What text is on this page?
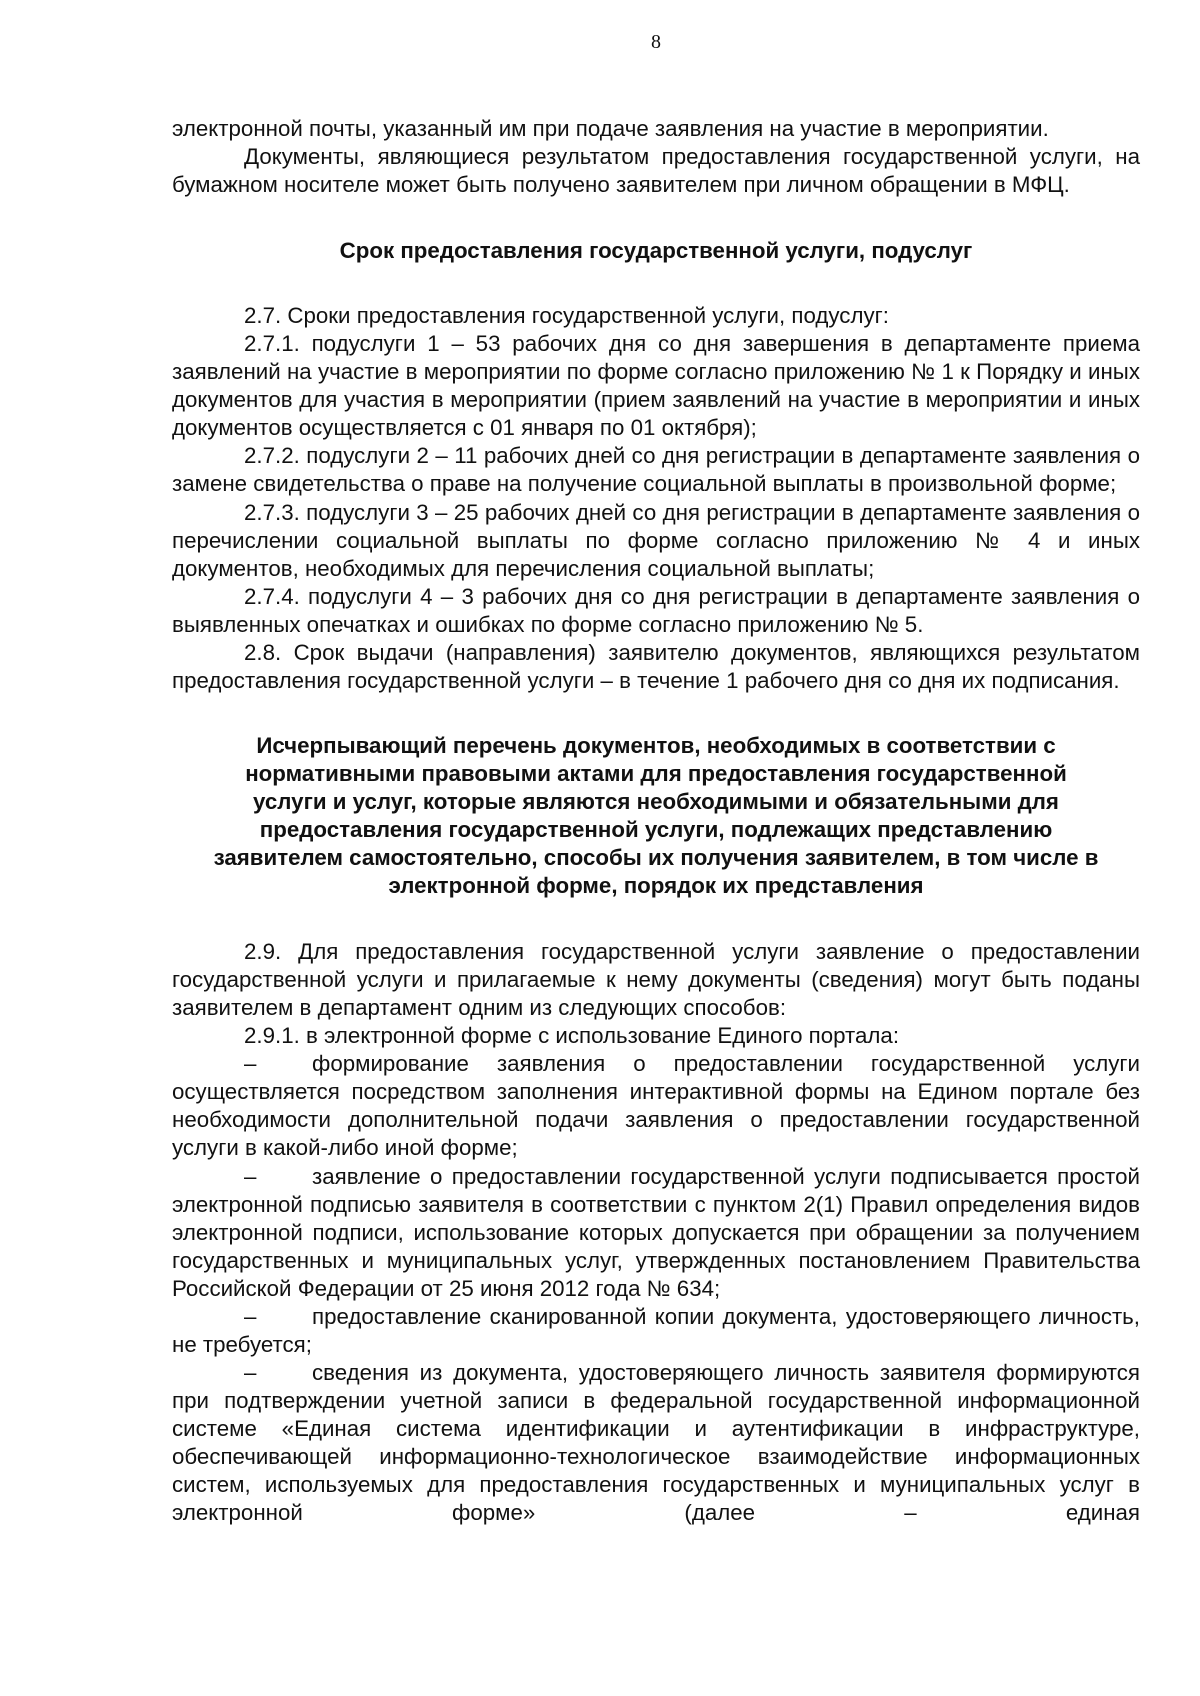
8

электронной почты, указанный им при подаче заявления на участие в мероприятии.

Документы, являющиеся результатом предоставления государственной услуги, на бумажном носителе может быть получено заявителем при личном обращении в МФЦ.

Срок предоставления государственной услуги, подуслуг

2.7. Сроки предоставления государственной услуги, подуслуг:

2.7.1. подуслуги 1 – 53 рабочих дня со дня завершения в департаменте приема заявлений на участие в мероприятии по форме согласно приложению № 1 к Порядку и иных документов для участия в мероприятии (прием заявлений на участие в мероприятии и иных документов осуществляется с 01 января по 01 октября);

2.7.2. подуслуги 2 – 11 рабочих дней со дня регистрации в департаменте заявления о замене свидетельства о праве на получение социальной выплаты в произвольной форме;

2.7.3. подуслуги 3 – 25 рабочих дней со дня регистрации в департаменте заявления о перечислении социальной выплаты по форме согласно приложению № 4 и иных документов, необходимых для перечисления социальной выплаты;

2.7.4. подуслуги 4 – 3 рабочих дня со дня регистрации в департаменте заявления о выявленных опечатках и ошибках по форме согласно приложению № 5.

2.8. Срок выдачи (направления) заявителю документов, являющихся результатом предоставления государственной услуги – в течение 1 рабочего дня со дня их подписания.

Исчерпывающий перечень документов, необходимых в соответствии с

нормативными правовыми актами для предоставления государственной

услуги и услуг, которые являются необходимыми и обязательными для

предоставления государственной услуги, подлежащих представлению

заявителем самостоятельно, способы их получения заявителем, в том числе в

электронной форме, порядок их представления

2.9. Для предоставления государственной услуги заявление о предоставлении государственной услуги и прилагаемые к нему документы (сведения) могут быть поданы заявителем в департамент одним из следующих способов:

2.9.1. в электронной форме с использование Единого портала:

– формирование заявления о предоставлении государственной услуги осуществляется посредством заполнения интерактивной формы на Едином портале без необходимости дополнительной подачи заявления о предоставлении государственной услуги в какой-либо иной форме;

– заявление о предоставлении государственной услуги подписывается простой электронной подписью заявителя в соответствии с пунктом 2(1) Правил определения видов электронной подписи, использование которых допускается при обращении за получением государственных и муниципальных услуг, утвержденных постановлением Правительства Российской Федерации от 25 июня 2012 года № 634;

– предоставление сканированной копии документа, удостоверяющего личность, не требуется;

– сведения из документа, удостоверяющего личность заявителя формируются при подтверждении учетной записи в федеральной государственной информационной системе «Единая система идентификации и аутентификации в инфраструктуре, обеспечивающей информационно-технологическое взаимодействие информационных систем, используемых для предоставления государственных и муниципальных услуг в электронной форме» (далее – единая
